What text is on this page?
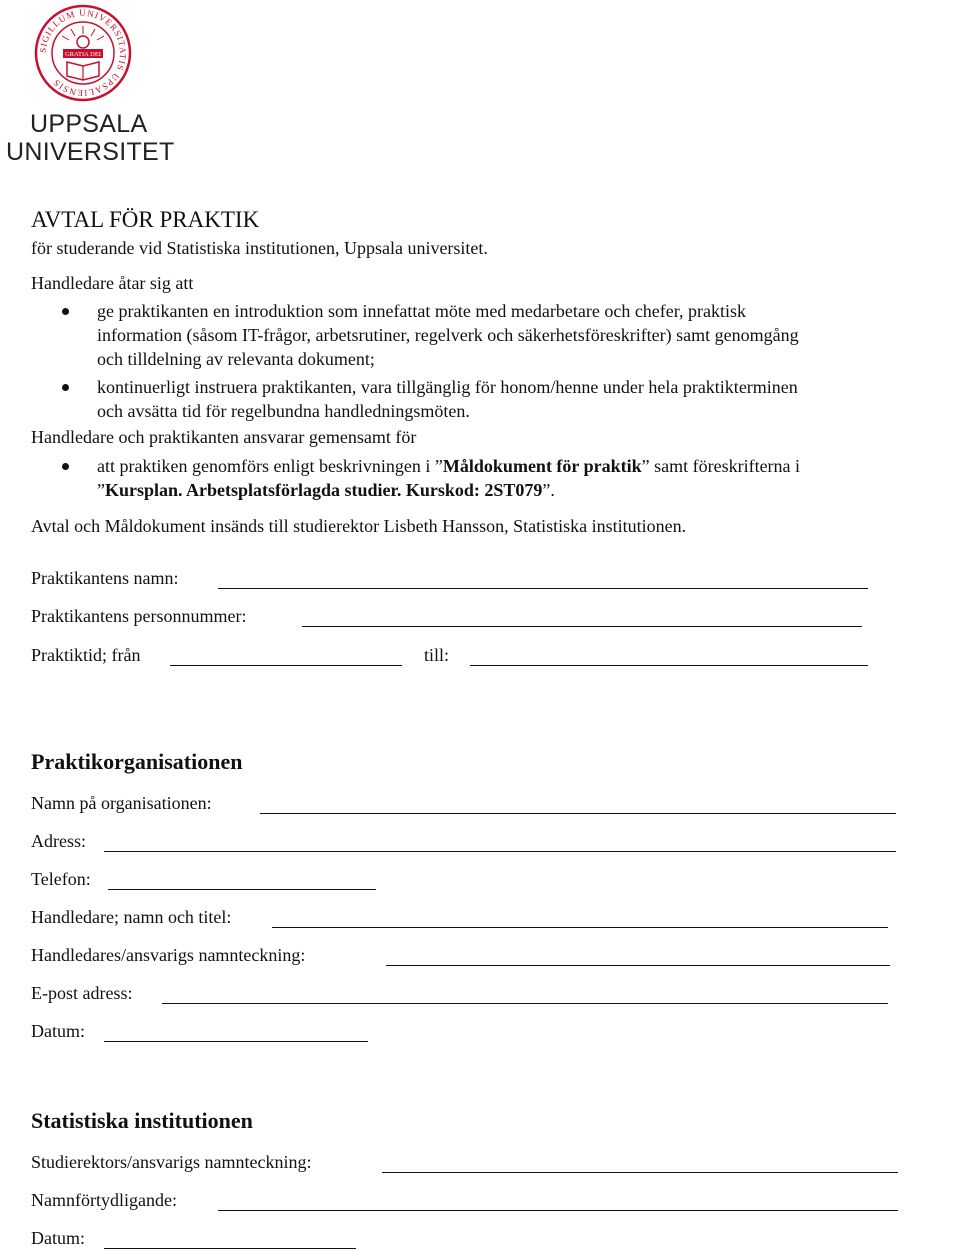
SIGILLUM UNIVERSITATIS UPSALIENSIS
GRATIA DEI
UPPSALA
UNIVERSITET
AVTAL FÖR PRAKTIK
för studerande vid Statistiska institutionen, Uppsala universitet.
Handledare åtar sig att
ge praktikanten en introduktion som innefattat möte med medarbetare och chefer, praktisk
information (såsom IT-frågor, arbetsrutiner, regelverk och säkerhetsföreskrifter) samt genomgång
och tilldelning av relevanta dokument;
kontinuerligt instruera praktikanten, vara tillgänglig för honom/henne under hela praktikterminen
och avsätta tid för regelbundna handledningsmöten.
Handledare och praktikanten ansvarar gemensamt för
att praktiken genomförs enligt beskrivningen i ”Måldokument för praktik” samt föreskrifterna i
”Kursplan. Arbetsplatsförlagda studier. Kurskod: 2ST079”.
Avtal och Måldokument insänds till studierektor Lisbeth Hansson, Statistiska institutionen.
Praktikantens namn:
Praktikantens personnummer:
Praktiktid; från	till:
Praktikorganisationen
Namn på organisationen:
Adress:
Telefon:
Handledare; namn och titel:
Handledares/ansvarigs namnteckning:
E-post adress:
Datum:
Statistiska institutionen
Studierektors/ansvarigs namnteckning:
Namnförtydligande:
Datum:
